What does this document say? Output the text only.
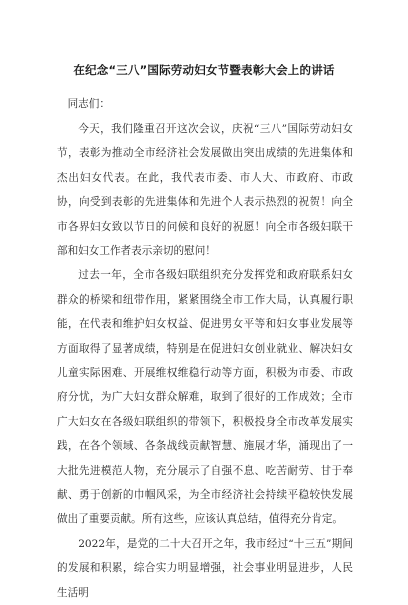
在纪念“三八”国际劳动妇女节暨表彰大会上的讲话

同志们：

今天，我们隆重召开这次会议，庆祝“三八”国际劳动妇女节，表彰为推动全市经济社会发展做出突出成绩的先进集体和杰出妇女代表。在此，我代表市委、市人大、市政府、市政协，向受到表彰的先进集体和先进个人表示热烈的祝贺！向全市各界妇女致以节日的问候和良好的祝愿！向全市各级妇联干部和妇女工作者表示亲切的慰问！

过去一年，全市各级妇联组织充分发挥党和政府联系妇女群众的桥梁和纽带作用，紧紧围绕全市工作大局，认真履行职能，在代表和维护妇女权益、促进男女平等和妇女事业发展等方面取得了显著成绩，特别是在促进妇女创业就业、解决妇女儿童实际困难、开展维权维稳行动等方面，积极为市委、市政府分忧，为广大妇女群众解难，取到了很好的工作成效；全市广大妇女在各级妇联组织的带领下，积极投身全市改革发展实践，在各个领域、各条战线贡献智慧、施展才华，涌现出了一大批先进模范人物，充分展示了自强不息、吃苦耐劳、甘于奉献、勇于创新的巾帼风采，为全市经济社会持续平稳较快发展做出了重要贡献。所有这些，应该认真总结，值得充分肯定。

2022年，是党的二十大召开之年，我市经过“十三五”期间的发展和积累，综合实力明显增强，社会事业明显进步，人民生活明
